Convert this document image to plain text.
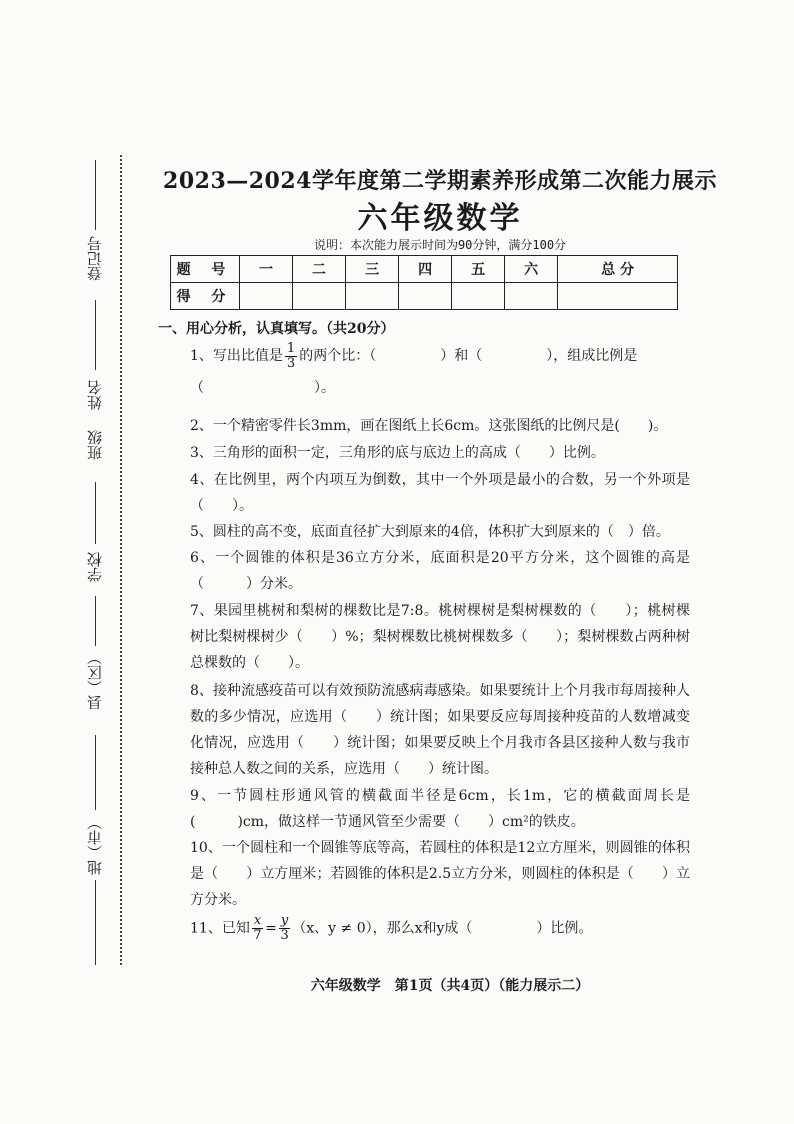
登记号
姓名
班级
学校
县（区）
地（市）
2023—2024学年度第二学期素养形成第二次能力展示
六年级数学
说明：本次能力展示时间为90分钟，满分100分
题 号	一	二	三	四	五	六	总 分
得 分							
一、用心分析，认真填写。（共20分）
1、写出比值是 $\frac{1}{3}$ 的两个比：（	）和（	），组成比例是
（	）。
2、一个精密零件长3mm，画在图纸上长6cm。这张图纸的比例尺是(　　)。
3、三角形的面积一定，三角形的底与底边上的高成（　　）比例。
4、在比例里，两个内项互为倒数，其中一个外项是最小的合数，另一个外项是（　　）。
5、圆柱的高不变，底面直径扩大到原来的4倍，体积扩大到原来的（　）倍。
6、一个圆锥的体积是36立方分米，底面积是20平方分米，这个圆锥的高是（　　　）分米。
7、果园里桃树和梨树的棵数比是7:8。桃树棵树是梨树棵数的（　　）；桃树棵树比梨树棵树少（　　）%；梨树棵数比桃树棵数多（　　）；梨树棵数占两种树总棵数的（　　）。
8、接种流感疫苗可以有效预防流感病毒感染。如果要统计上个月我市每周接种人数的多少情况，应选用（　　）统计图；如果要反应每周接种疫苗的人数增减变化情况，应选用（　　）统计图；如果要反映上个月我市各县区接种人数与我市接种总人数之间的关系，应选用（　　）统计图。
9、一节圆柱形通风管的横截面半径是6cm，长1m，它的横截面周长是(　　　)cm，做这样一节通风管至少需要（　　）cm²的铁皮。
10、一个圆柱和一个圆锥等底等高，若圆柱的体积是12立方厘米，则圆锥的体积是（　　）立方厘米；若圆锥的体积是2.5立方分米，则圆柱的体积是（　　）立方分米。
11、已知 $\frac{x}{7} = \frac{y}{3} (x$、y ≠ 0），那么x和y成（	）比例。
六年级数学　第1页（共4页）（能力展示二）
